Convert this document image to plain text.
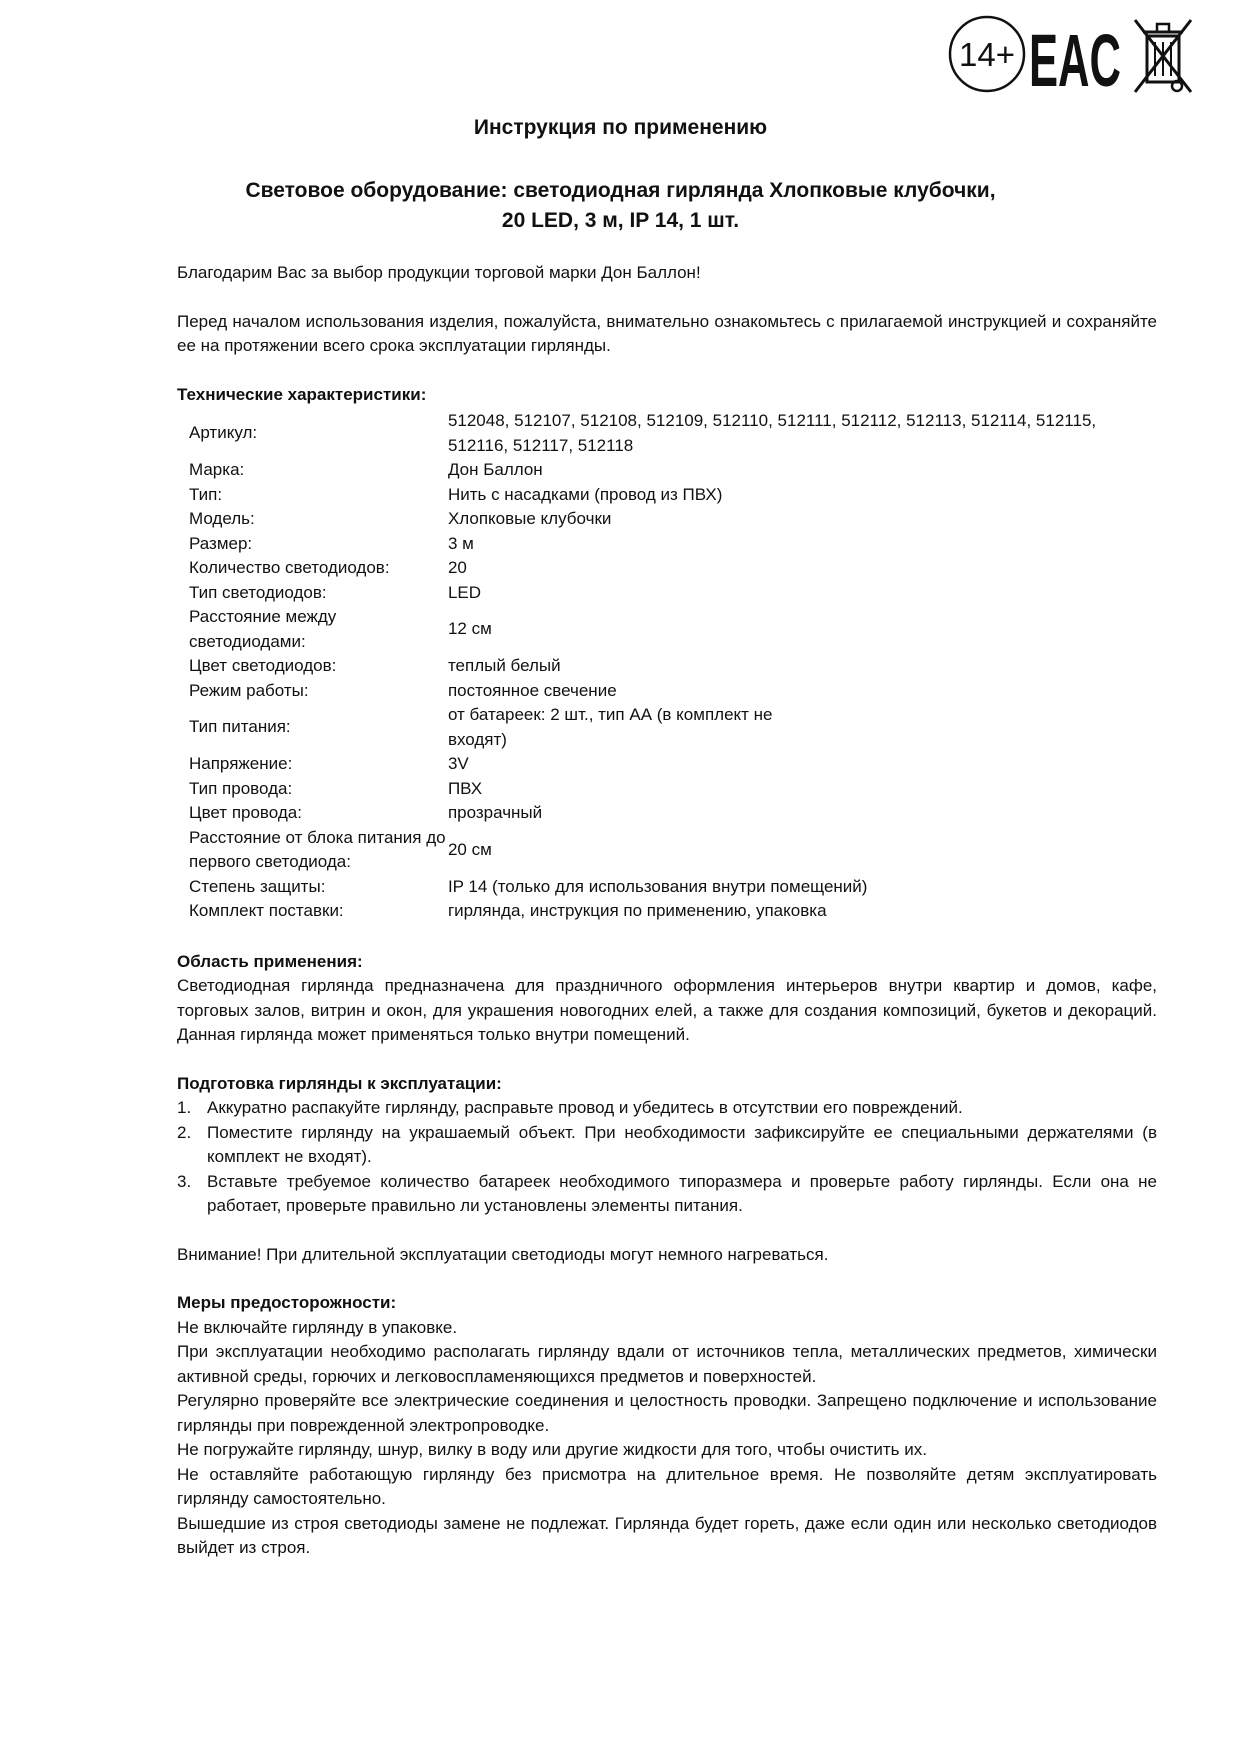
14+ EAC
Инструкция по применению
Световое оборудование: светодиодная гирлянда Хлопковые клубочки,
20 LED, 3 м, IP 14, 1 шт.

Благодарим Вас за выбор продукции торговой марки Дон Баллон!

Перед началом использования изделия, пожалуйста, внимательно ознакомьтесь с прилагаемой инструкцией и сохраняйте ее на протяжении всего срока эксплуатации гирлянды.

Технические характеристики:

Артикул:	512048, 512107, 512108, 512109, 512110, 512111, 512112, 512113, 512114, 512115, 512116, 512117, 512118
Марка:	Дон Баллон
Тип:	Нить с насадками (провод из ПВХ)
Модель:	Хлопковые клубочки
Размер:	3 м
Количество светодиодов:	20
Тип светодиодов:	LED
Расстояние между светодиодами:	12 см
Цвет светодиодов:	теплый белый
Режим работы:	постоянное свечение
Тип питания:	от батареек: 2 шт., тип АА (в комплект не входят)
Напряжение:	3V
Тип провода:	ПВХ
Цвет провода:	прозрачный
Расстояние от блока питания до первого светодиода:	20 см
Степень защиты:	IP 14 (только для использования внутри помещений)
Комплект поставки:	гирлянда, инструкция по применению, упаковка

Область применения:

Светодиодная гирлянда предназначена для праздничного оформления интерьеров внутри квартир и домов, кафе, торговых залов, витрин и окон, для украшения новогодних елей, а также для создания композиций, букетов и декораций. Данная гирлянда может применяться только внутри помещений.

Подготовка гирлянды к эксплуатации:

1. Аккуратно распакуйте гирлянду, расправьте провод и убедитесь в отсутствии его повреждений.
2. Поместите гирлянду на украшаемый объект. При необходимости зафиксируйте ее специальными держателями (в комплект не входят).
3. Вставьте требуемое количество батареек необходимого типоразмера и проверьте работу гирлянды. Если она не работает, проверьте правильно ли установлены элементы питания.

Внимание! При длительной эксплуатации светодиоды могут немного нагреваться.

Меры предосторожности:

Не включайте гирлянду в упаковке.

При эксплуатации необходимо располагать гирлянду вдали от источников тепла, металлических предметов, химически активной среды, горючих и легковоспламеняющихся предметов и поверхностей.

Регулярно проверяйте все электрические соединения и целостность проводки. Запрещено подключение и использование гирлянды при поврежденной электропроводке.

Не погружайте гирлянду, шнур, вилку в воду или другие жидкости для того, чтобы очистить их.

Не оставляйте работающую гирлянду без присмотра на длительное время. Не позволяйте детям эксплуатировать гирлянду самостоятельно.

Вышедшие из строя светодиоды замене не подлежат. Гирлянда будет гореть, даже если один или несколько светодиодов выйдет из строя.
